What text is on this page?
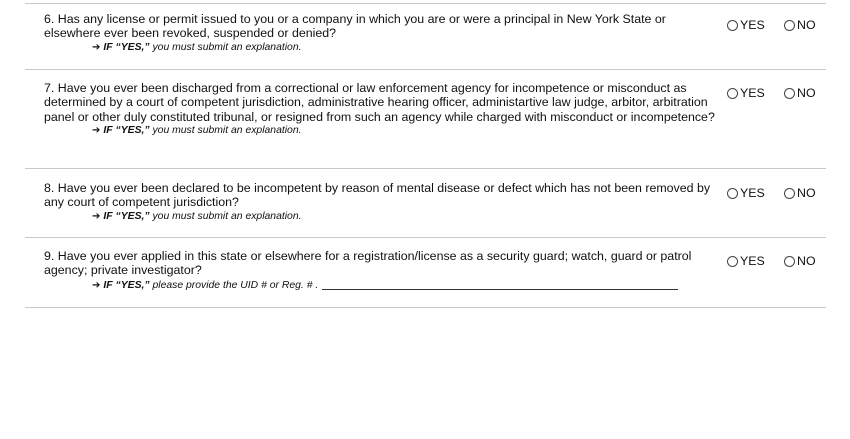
6. Has any license or permit issued to you or a company in which you are or were a principal in New York State or elsewhere ever been revoked, suspended or denied?
➔ IF “YES,” you must submit an explanation.
YES	NO
7. Have you ever been discharged from a correctional or law enforcement agency for incompetence or misconduct as determined by a court of competent jurisdiction, administrative hearing officer, administartive law judge, arbitor, arbitration panel or other duly constituted tribunal, or resigned from such an agency while charged with misconduct or incompetence?
➔ IF “YES,” you must submit an explanation.
YES	NO
8. Have you ever been declared to be incompetent by reason of mental disease or defect which has not been removed by any court of competent jurisdiction?
➔ IF “YES,” you must submit an explanation.
YES	NO
9. Have you ever applied in this state or elsewhere for a registration/license as a security guard; watch, guard or patrol agency; private investigator?
➔ IF “YES,” please provide the UID # or Reg. # .
YES	NO
